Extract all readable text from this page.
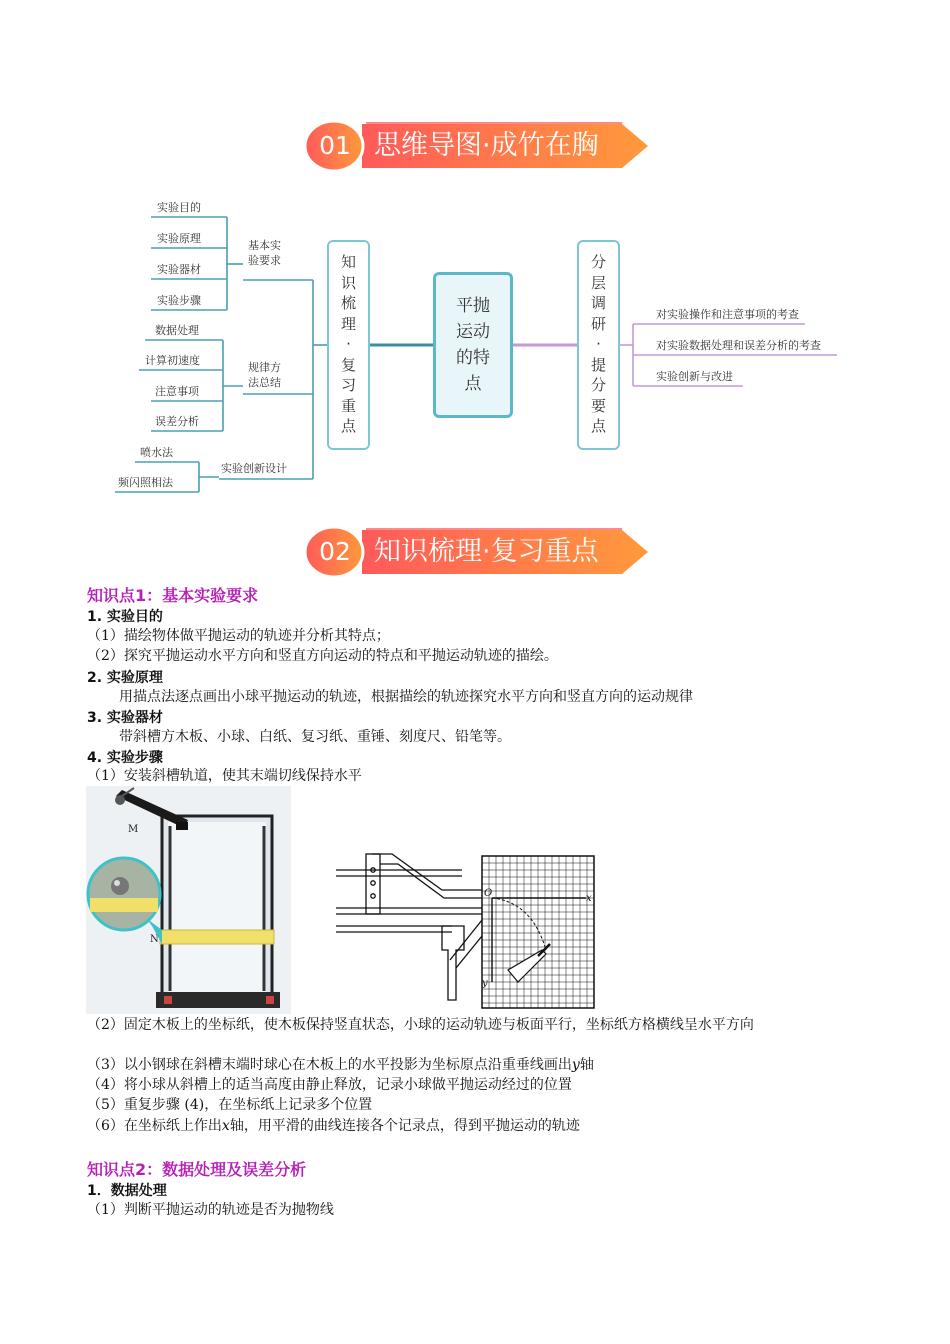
01 思维导图·成竹在胸
实验目的
实验原理
实验器材
实验步骤
基本实
验要求
数据处理
计算初速度
注意事项
误差分析
规律方
法总结
喷水法
频闪照相法
实验创新设计
知
识
梳
理
·
复
习
重
点
平抛
运动
的特
点
分
层
调
研
·
提
分
要
点
对实验操作和注意事项的考查
对实验数据处理和误差分析的考查
实验创新与改进
02 知识梳理·复习重点
知识点1：基本实验要求
1. 实验目的
（1）描绘物体做平抛运动的轨迹并分析其特点；
（2）探究平抛运动水平方向和竖直方向运动的特点和平抛运动轨迹的描绘。
2. 实验原理
用描点法逐点画出小球平抛运动的轨迹，根据描绘的轨迹探究水平方向和竖直方向的运动规律
3. 实验器材
带斜槽方木板、小球、白纸、复习纸、重锤、刻度尺、铅笔等。
4. 实验步骤
（1）安装斜槽轨道，使其末端切线保持水平
M
N
O	x
y
（2）固定木板上的坐标纸，使木板保持竖直状态，小球的运动轨迹与板面平行，坐标纸方格横线呈水平方向
（3）以小钢球在斜槽末端时球心在木板上的水平投影为坐标原点沿重垂线画出y轴
（4）将小球从斜槽上的适当高度由静止释放，记录小球做平抛运动经过的位置
（5）重复步骤 (4)，在坐标纸上记录多个位置
（6）在坐标纸上作出x轴，用平滑的曲线连接各个记录点，得到平抛运动的轨迹
知识点2：数据处理及误差分析
1．数据处理
（1）判断平抛运动的轨迹是否为抛物线
